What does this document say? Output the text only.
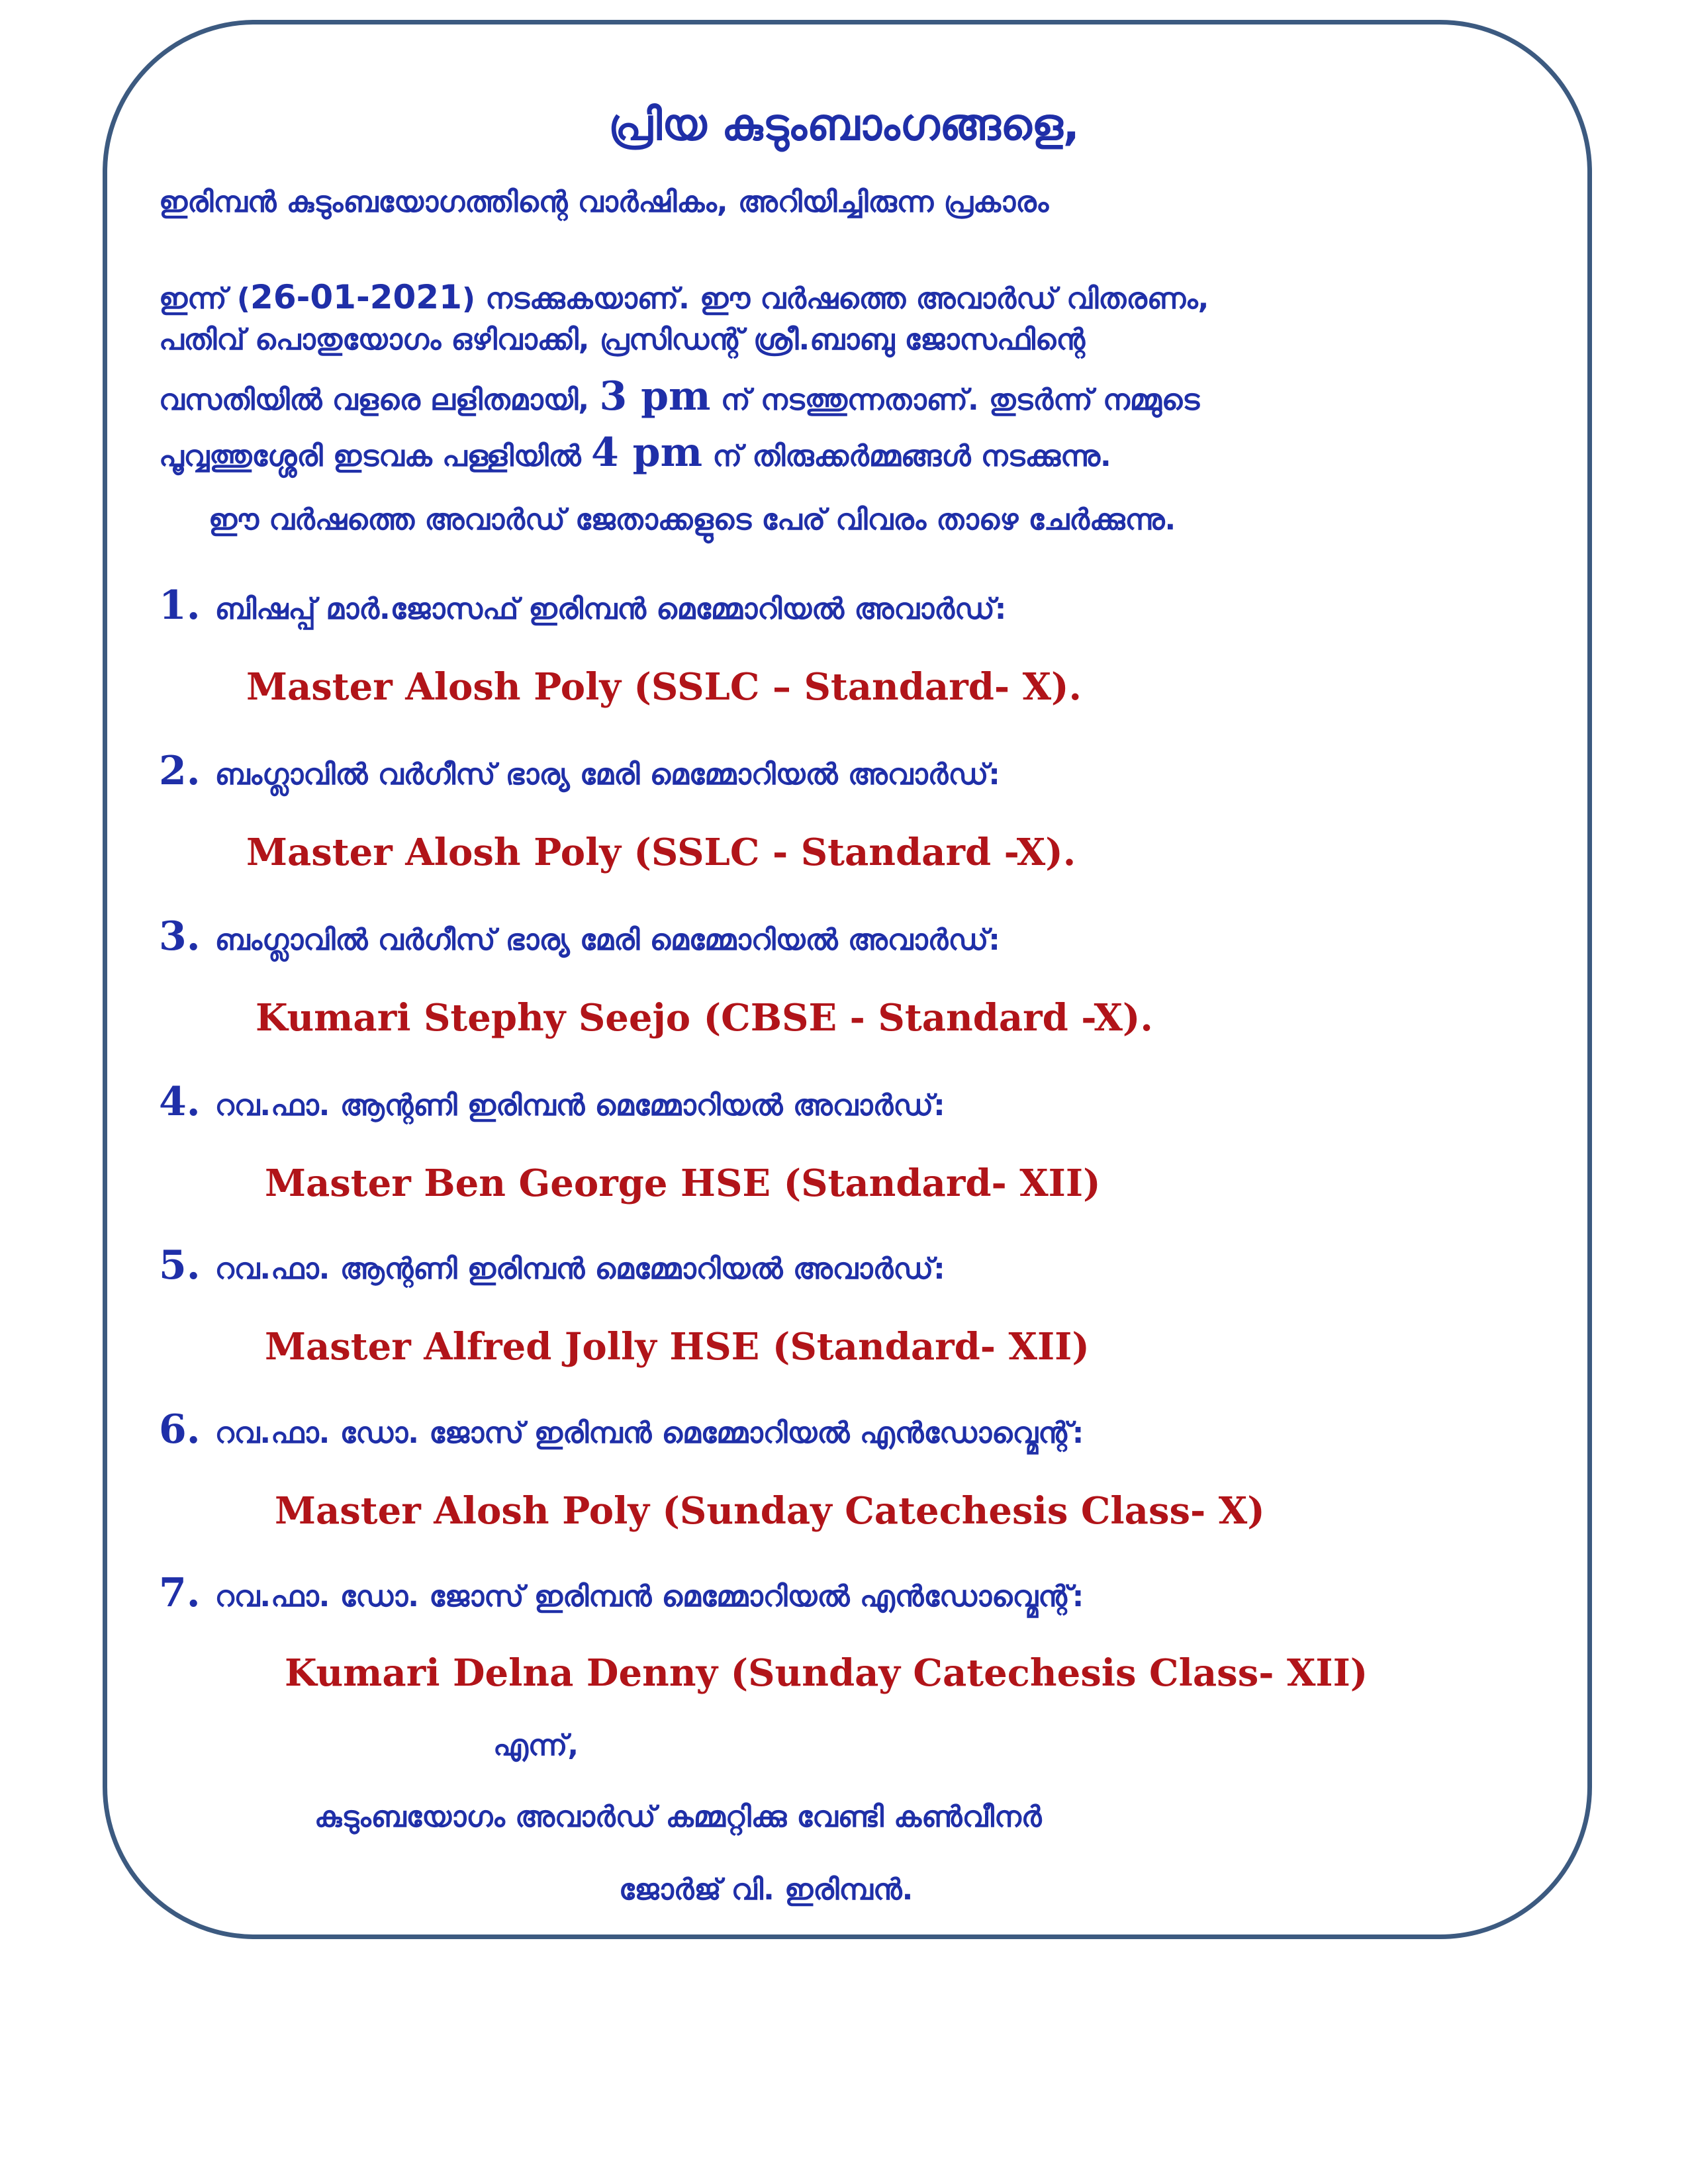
പ്രിയ കുടുംബാംഗങ്ങളെ,
ഇരിമ്പൻ കുടുംബയോഗത്തിന്റെ വാർഷികം, അറിയിച്ചിരുന്ന പ്രകാരം
ഇന്ന് (26-01-2021) നടക്കുകയാണ്. ഈ വർഷത്തെ അവാർഡ് വിതരണം,
പതിവ് പൊതുയോഗം ഒഴിവാക്കി, പ്രസിഡന്റ് ശ്രീ.ബാബു ജോസഫിന്റെ
വസതിയിൽ വളരെ ലളിതമായി, 3 pm ന് നടത്തുന്നതാണ്. തുടർന്ന് നമ്മുടെ
പൂവ്വത്തുശ്ശേരി ഇടവക പള്ളിയിൽ 4 pm ന് തിരുക്കർമ്മങ്ങൾ നടക്കുന്നു.
ഈ വർഷത്തെ അവാർഡ് ജേതാക്കളുടെ പേര് വിവരം താഴെ ചേർക്കുന്നു.
1. ബിഷപ്പ് മാർ.ജോസഫ് ഇരിമ്പൻ മെമ്മോറിയൽ അവാർഡ്:
Master Alosh Poly (SSLC – Standard- X).
2. ബംഗ്ലാവിൽ വർഗീസ് ഭാര്യ മേരി മെമ്മോറിയൽ അവാർഡ്:
Master Alosh Poly (SSLC - Standard -X).
3. ബംഗ്ലാവിൽ വർഗീസ് ഭാര്യ മേരി മെമ്മോറിയൽ അവാർഡ്:
Kumari Stephy Seejo (CBSE - Standard -X).
4. റവ.ഫാ. ആന്റണി ഇരിമ്പൻ മെമ്മോറിയൽ അവാർഡ്:
Master Ben George HSE (Standard- XII)
5. റവ.ഫാ. ആന്റണി ഇരിമ്പൻ മെമ്മോറിയൽ അവാർഡ്:
Master Alfred Jolly HSE (Standard- XII)
6. റവ.ഫാ. ഡോ. ജോസ് ഇരിമ്പൻ മെമ്മോറിയൽ എൻഡോവ്മെന്റ്:
Master Alosh Poly (Sunday Catechesis Class- X)
7. റവ.ഫാ. ഡോ. ജോസ് ഇരിമ്പൻ മെമ്മോറിയൽ എൻഡോവ്മെന്റ്:
Kumari Delna Denny (Sunday Catechesis Class- XII)
എന്ന്,
കുടുംബയോഗം അവാർഡ് കമ്മറ്റിക്കു വേണ്ടി കൺവീനർ
ജോർജ് വി. ഇരിമ്പൻ.
